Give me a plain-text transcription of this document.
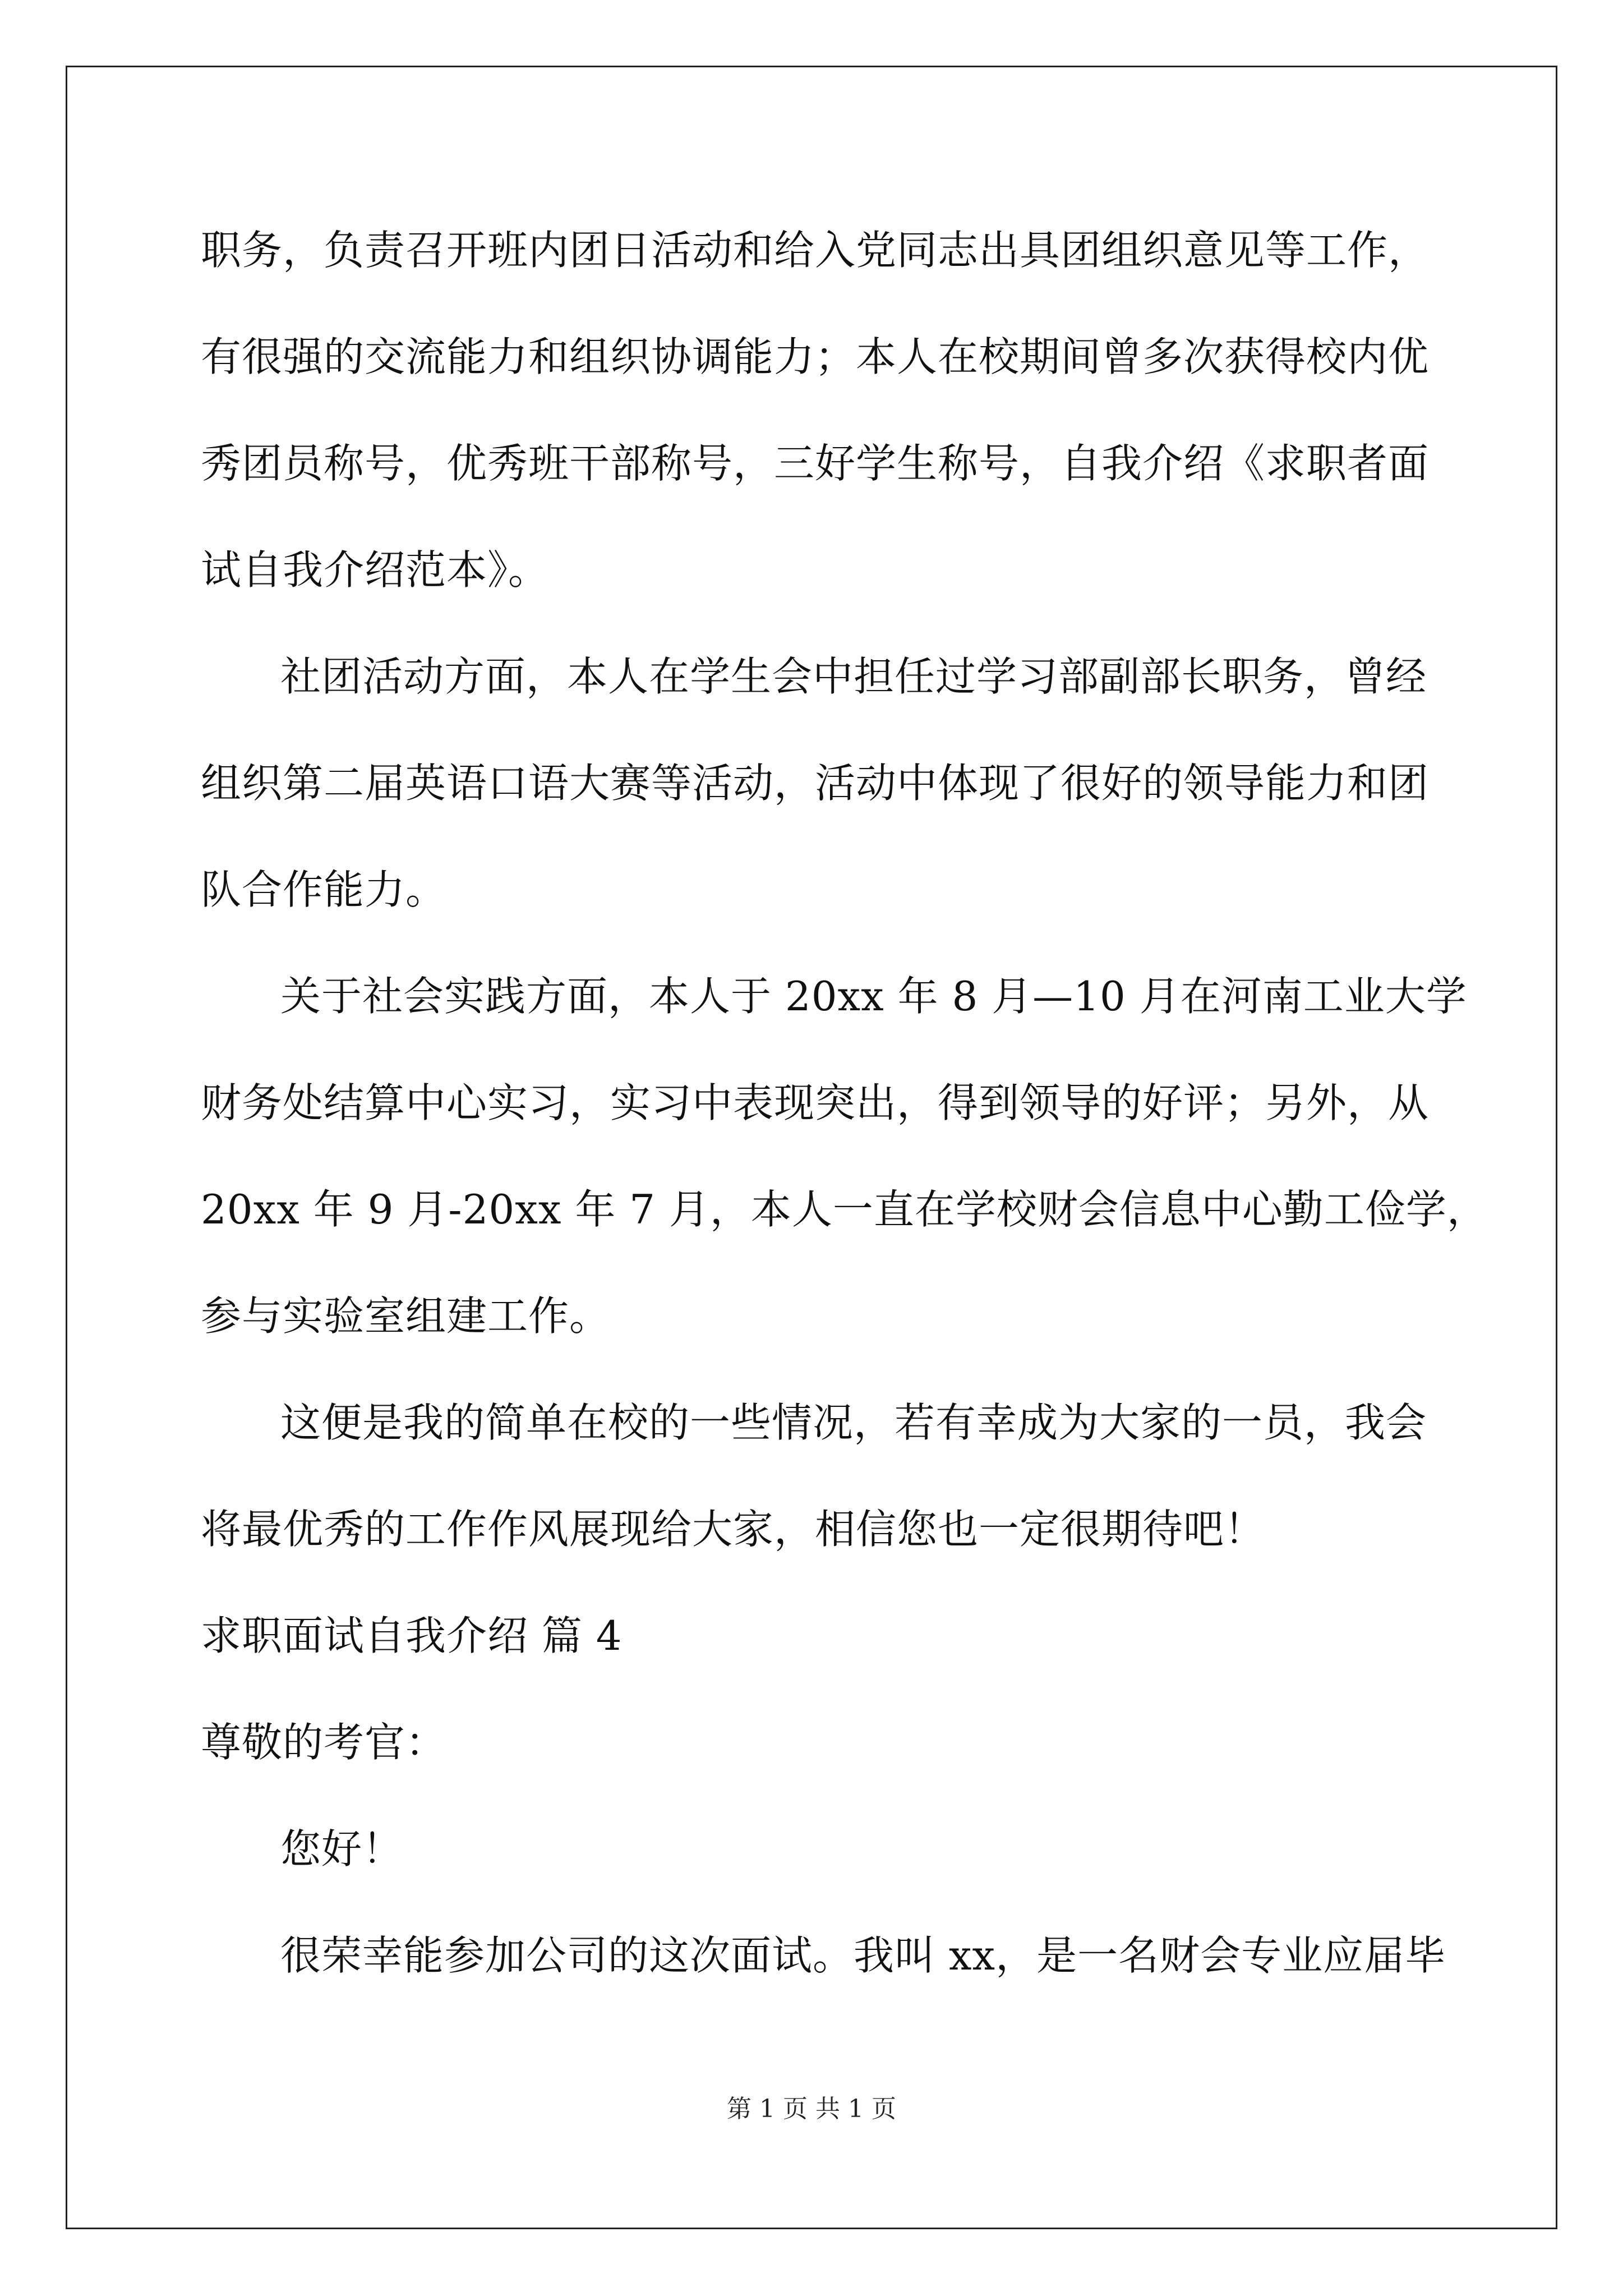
职务，负责召开班内团日活动和给入党同志出具团组织意见等工作，
有很强的交流能力和组织协调能力；本人在校期间曾多次获得校内优
秀团员称号，优秀班干部称号，三好学生称号，自我介绍《求职者面
试自我介绍范本》。
社团活动方面，本人在学生会中担任过学习部副部长职务，曾经
组织第二届英语口语大赛等活动，活动中体现了很好的领导能力和团
队合作能力。
关于社会实践方面，本人于 20xx 年 8 月—10 月在河南工业大学
财务处结算中心实习，实习中表现突出，得到领导的好评；另外，从
20xx 年 9 月-20xx 年 7 月，本人一直在学校财会信息中心勤工俭学，
参与实验室组建工作。
这便是我的简单在校的一些情况，若有幸成为大家的一员，我会
将最优秀的工作作风展现给大家，相信您也一定很期待吧！
求职面试自我介绍 篇 4
尊敬的考官：
您好！
很荣幸能参加公司的这次面试。我叫 xx，是一名财会专业应届毕
第 1 页 共 1 页
